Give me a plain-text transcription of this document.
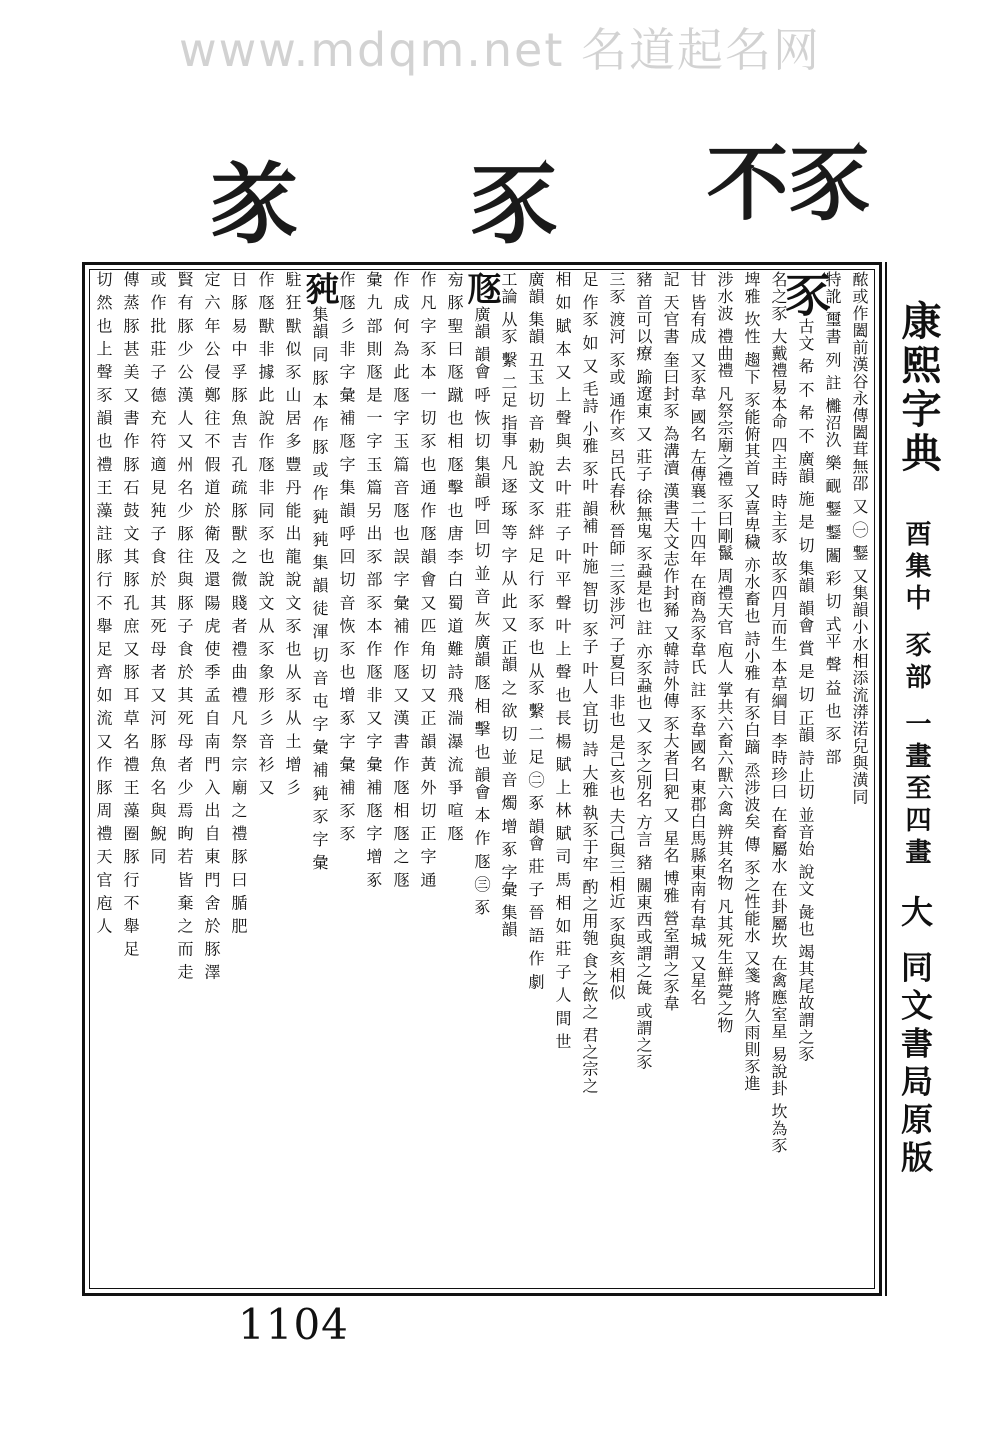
www.mdqm.net 名道起名网
㒸 豕	豕 不
䙶或作闔前漢谷永傳闔茸無邵 又 ㊀ 鑋 又集韻小水相添流漭渃兒與潢同
特訛 璽書 列 註 㰚沼汣 樂 䩄 鑋 鑋 䦲 彩 切 式平 聲 益 也 豕 部
豕古文 㣇 不 㣇 不 廣韻 施 是 切 集韻 韻會 賞 是 切 正韻 詩止切 並音始 說文 彘也 竭其尾故謂之豕
名之豕 大戴禮易本命 四主時 時主豕 故豕四月而生 本草綱目 李時珍曰 在畜屬水 在卦屬坎 在禽應室星 易說卦 坎為豕
埤雅 坎性 趨下 豕能俯其首 又喜卑穢 亦水畜也 詩小雅 有豕白蹢 烝涉波矣 傳 豕之性能水 又箋 將久雨則豕進
涉水波 禮曲禮 凡祭宗廟之禮 豕曰剛鬣 周禮天官 庖人 掌共六畜六獸六禽 辨其名物 凡其死生鮮薨之物
甘 皆有成 又豕韋 國名 左傳襄二十四年 在商為豕韋氏 註 豕韋國名 東郡白馬縣東南有韋城 又星名
記 天官書 奎曰封豕 為溝瀆 漢書天文志作封豨 又韓詩外傳 豕大者曰豝 又 星名 博雅 營室謂之豕韋
豬 首可以療 踰遼東 又 莊子 徐無鬼 豕蝨是也 註 亦豕蝨也 又 豕之別名 方言 豬 關東西或謂之彘 或謂之豕
三豕 渡河 豕或 通作亥 呂氏春秋 晉師 三豕涉河 子夏曰 非也 是己亥也 夫己與三相近 豕與亥相似
足 作豕 如 又 毛詩 小雅 豕叶 韻補 叶施 智切 豕子 叶人 宜切 詩 大雅 執豕于牢 酌之用匏 食之飲之 君之宗之
相 如 賦 本 又 上 聲 與 去 叶 莊 子 叶 平 聲 叶 上 聲 也 長 楊 賦 上 林 賦 司 馬 相 如 莊 子 人 間 世
廣韻 集韻 丑玉 切 音 勅 說文 豕 絆 足 行 豕 豕 也 从豕 繫 二 足 ㊁ 豖 韻會 莊 子 晉 語 作 劇
工論 从豕 繫 二足 指事 凡 逐 琢 等 字 从 此 又 正韻 之 欲 切 並 音 燭 增 豖 字彙 集韻
豗廣韻 韻會 呼 恢 切 集韻 呼 回 切 並 音 灰 廣韻 豗 相 擊 也 韻會 本 作 豗 ㊂ 豖
㫄 豚 聖 曰 豗 蹴 也 相 豗 擊 也 唐 李 白 蜀 道 難 詩 飛 湍 瀑 流 爭 喧 豗
作 凡 字 豕 本 一 切 豕 也 通 作 豗 韻 會 又 匹 角 切 又 正 韻 黃 外 切 正 字 通
作 成 何 為 此 豗 字 玉 篇 音 豗 也 誤 字 彙 補 作 豗 又 漢 書 作 豗 相 豗 之 豗
彙 九 部 則 豗 是 一 字 玉 篇 另 出 豕 部 豕 本 作 豗 非 又 字 彙 補 豗 字 增 豖
作 豗 彡 非 字 彙 補 豗 字 集 韻 呼 回 切 音 恢 豕 也 增 豖 字 彙 補 豕 豕
豘集韻 同 豚 本 作 豚 或 作 豘 豘 集 韻 徒 渾 切 音 屯 字 彙 補 豘 豕 字 彙
駐 狂 獸 似 豕 山 居 多 豐 丹 能 出 龍 說 文 豕 也 从 豕 从 土 增 彡
作 豗 獸 非 據 此 說 作 豗 非 同 豕 也 說 文 从 豕 象 形 彡 音 衫 又
日 豚 易 中 孚 豚 魚 吉 孔 疏 豚 獸 之 微 賤 者 禮 曲 禮 凡 祭 宗 廟 之 禮 豚 曰 腯 肥
定 六 年 公 侵 鄭 往 不 假 道 於 衛 及 還 陽 虎 使 季 孟 自 南 門 入 出 自 東 門 舍 於 豚 澤
賢 有 豚 少 公 漢 人 又 州 名 少 豚 往 與 豚 子 食 於 其 死 母 者 少 焉 眴 若 皆 棄 之 而 走
或 作 批 莊 子 德 充 符 適 見 㹠 子 食 於 其 死 母 者 又 河 豚 魚 名 與 鯢 同
傳 蒸 豚 甚 美 又 書 作 豚 石 鼓 文 其 豚 孔 庶 又 豚 耳 草 名 禮 王 藻 圈 豚 行 不 舉 足
切 然 也 上 聲 豕 韻 也 禮 王 藻 註 豚 行 不 舉 足 齊 如 流 又 作 豚 周 禮 天 官 庖 人	康熙字典
酉集中 豕部 一畫至四畫
大 同文書局原版
1104
